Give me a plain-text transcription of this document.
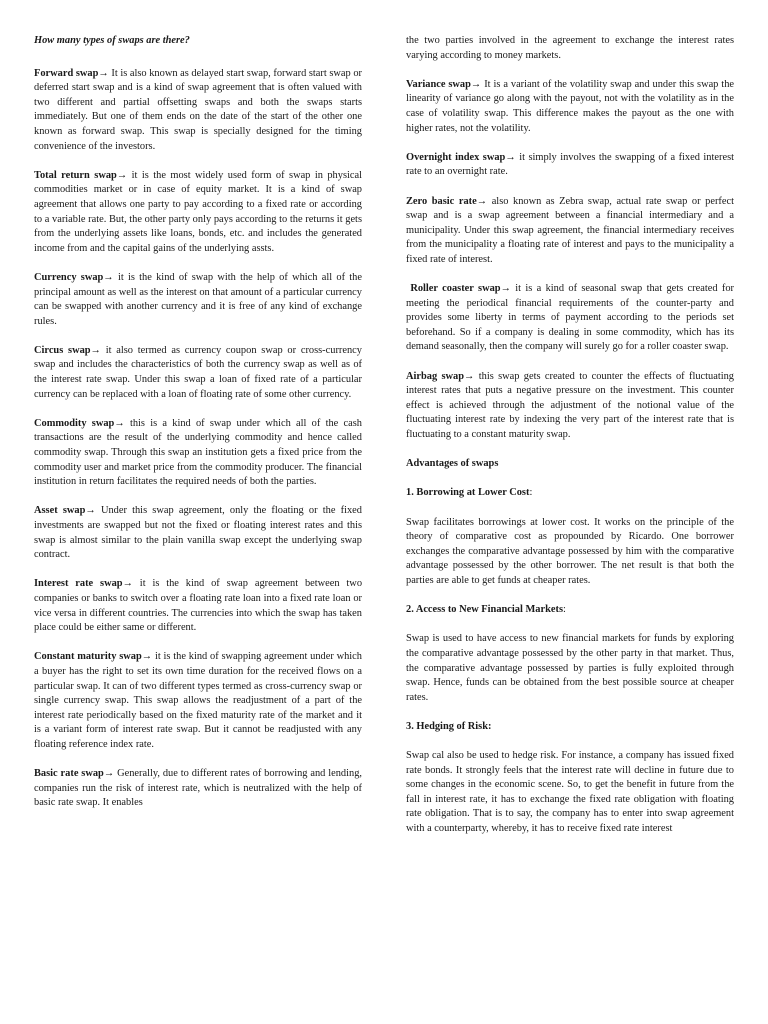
How many types of swaps are there?

Forward swap→ It is also known as delayed start swap, forward start swap or deferred start swap and is a kind of swap agreement that is often valued with two different and partial offsetting swaps and both the swaps starts immediately. But one of them ends on the date of the start of the other one known as forward swap. This swap is specially designed for the timing convenience of the investors.

Total return swap→ it is the most widely used form of swap in physical commodities market or in case of equity market. It is a kind of swap agreement that allows one party to pay according to a fixed rate or according to a variable rate. But, the other party only pays according to the returns it gets from the underlying assets like loans, bonds, etc. and includes the generated income from and the capital gains of the underlying assts.

Currency swap→ it is the kind of swap with the help of which all of the principal amount as well as the interest on that amount of a particular currency can be swapped with another currency and it is free of any kind of exchange rules.

Circus swap→ it also termed as currency coupon swap or cross-currency swap and includes the characteristics of both the currency swap as well as of the interest rate swap. Under this swap a loan of fixed rate of a particular currency can be replaced with a loan of floating rate of some other currency.

Commodity swap→ this is a kind of swap under which all of the cash transactions are the result of the underlying commodity and hence called commodity swap. Through this swap an institution gets a fixed price from the commodity user and market price from the commodity producer. The financial institution in return facilitates the required needs of both the parties.

Asset swap→ Under this swap agreement, only the floating or the fixed investments are swapped but not the fixed or floating interest rates and this swap is almost similar to the plain vanilla swap except the underlying swap contract.

Interest rate swap→ it is the kind of swap agreement between two companies or banks to switch over a floating rate loan into a fixed rate loan or vice versa in different countries. The currencies into which the swap has taken place could be either same or different.

Constant maturity swap→ it is the kind of swapping agreement under which a buyer has the right to set its own time duration for the received flows on a particular swap. It can of two different types termed as cross-currency swap or single currency swap. This swap allows the readjustment of a part of the interest rate periodically based on the fixed maturity rate of the market and it is a variant form of interest rate swap. But it cannot be readjusted with any floating reference index rate.

Basic rate swap→ Generally, due to different rates of borrowing and lending, companies run the risk of interest rate, which is neutralized with the help of basic rate swap. It enables

the two parties involved in the agreement to exchange the interest rates varying according to money markets.

Variance swap→ It is a variant of the volatility swap and under this swap the linearity of variance go along with the payout, not with the volatility as in the case of volatility swap. This difference makes the payout as the one with higher rates, not the volatility.

Overnight index swap→ it simply involves the swapping of a fixed interest rate to an overnight rate.

Zero basic rate→ also known as Zebra swap, actual rate swap or perfect swap and is a swap agreement between a financial intermediary and a municipality. Under this swap agreement, the financial intermediary receives from the municipality a floating rate of interest and pays to the municipality a fixed rate of interest.

Roller coaster swap→ it is a kind of seasonal swap that gets created for meeting the periodical financial requirements of the counter-party and provides some liberty in terms of payment according to the periods set beforehand. So if a company is dealing in some commodity, which has its demand seasonally, then the company will surely go for a roller coaster swap.

Airbag swap→ this swap gets created to counter the effects of fluctuating interest rates that puts a negative pressure on the investment. This counter effect is achieved through the adjustment of the notional value of the fluctuating interest rate by indexing the very part of the interest rate that is fluctuating to a constant maturity swap.

Advantages of swaps

1. Borrowing at Lower Cost:

Swap facilitates borrowings at lower cost. It works on the principle of the theory of comparative cost as propounded by Ricardo. One borrower exchanges the comparative advantage possessed by him with the comparative advantage possessed by the other borrower. The net result is that both the parties are able to get funds at cheaper rates.

2. Access to New Financial Markets:

Swap is used to have access to new financial markets for funds by exploring the comparative advantage possessed by the other party in that market. Thus, the comparative advantage possessed by parties is fully exploited through swap. Hence, funds can be obtained from the best possible source at cheaper rates.

3. Hedging of Risk:

Swap cal also be used to hedge risk. For instance, a company has issued fixed rate bonds. It strongly feels that the interest rate will decline in future due to some changes in the economic scene. So, to get the benefit in future from the fall in interest rate, it has to exchange the fixed rate obligation with floating rate obligation. That is to say, the company has to enter into swap agreement with a counterparty, whereby, it has to receive fixed rate interest
